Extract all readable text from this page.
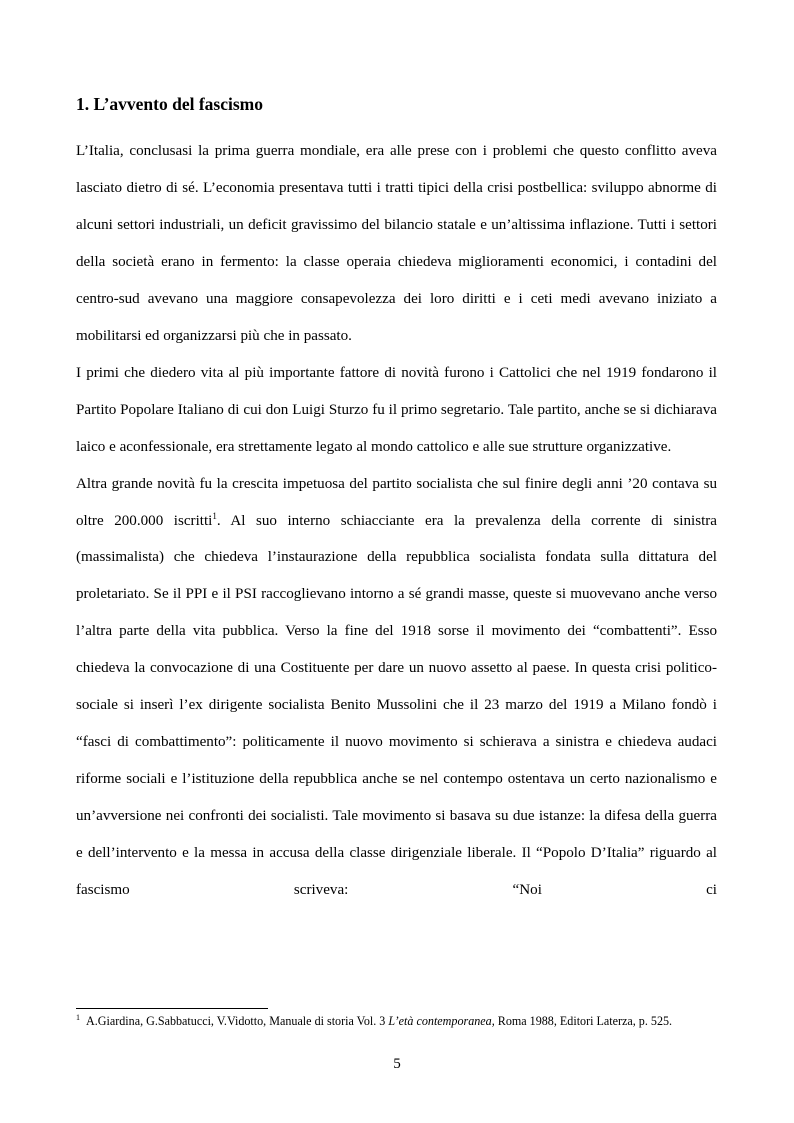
1. L’avvento del fascismo

L’Italia, conclusasi la prima guerra mondiale, era alle prese con i problemi che questo conflitto aveva lasciato dietro di sé. L’economia presentava tutti i tratti tipici della crisi postbellica: sviluppo abnorme di alcuni settori industriali, un deficit gravissimo del bilancio statale e un’altissima inflazione. Tutti i settori della società erano in fermento: la classe operaia chiedeva miglioramenti economici, i contadini del centro-sud avevano una maggiore consapevolezza dei loro diritti e i ceti medi avevano iniziato a mobilitarsi ed organizzarsi più che in passato.

I primi che diedero vita al più importante fattore di novità furono i Cattolici che nel 1919 fondarono il Partito Popolare Italiano di cui don Luigi Sturzo fu il primo segretario. Tale partito, anche se si dichiarava laico e aconfessionale, era strettamente legato al mondo cattolico e alle sue strutture organizzative.

Altra grande novità fu la crescita impetuosa del partito socialista che sul finire degli anni ’20 contava su oltre 200.000 iscritti$^1$. Al suo interno schiacciante era la prevalenza della corrente di sinistra (massimalista) che chiedeva l’instaurazione della repubblica socialista fondata sulla dittatura del proletariato. Se il PPI e il PSI raccoglievano intorno a sé grandi masse, queste si muovevano anche verso l’altra parte della vita pubblica. Verso la fine del 1918 sorse il movimento dei “combattenti”. Esso chiedeva la convocazione di una Costituente per dare un nuovo assetto al paese. In questa crisi politico-sociale si inserì l’ex dirigente socialista Benito Mussolini che il 23 marzo del 1919 a Milano fondò i “fasci di combattimento”: politicamente il nuovo movimento si schierava a sinistra e chiedeva audaci riforme sociali e l’istituzione della repubblica anche se nel contempo ostentava un certo nazionalismo e un’avversione nei confronti dei socialisti. Tale movimento si basava su due istanze: la difesa della guerra e dell’intervento e la messa in accusa della classe dirigenziale liberale. Il “Popolo D’Italia” riguardo al fascismo scriveva: “Noi ci

$^1$ A.Giardina, G.Sabbatucci, V.Vidotto, Manuale di storia Vol. 3 L’età contemporanea, Roma 1988, Editori Laterza, p. 525.
5
